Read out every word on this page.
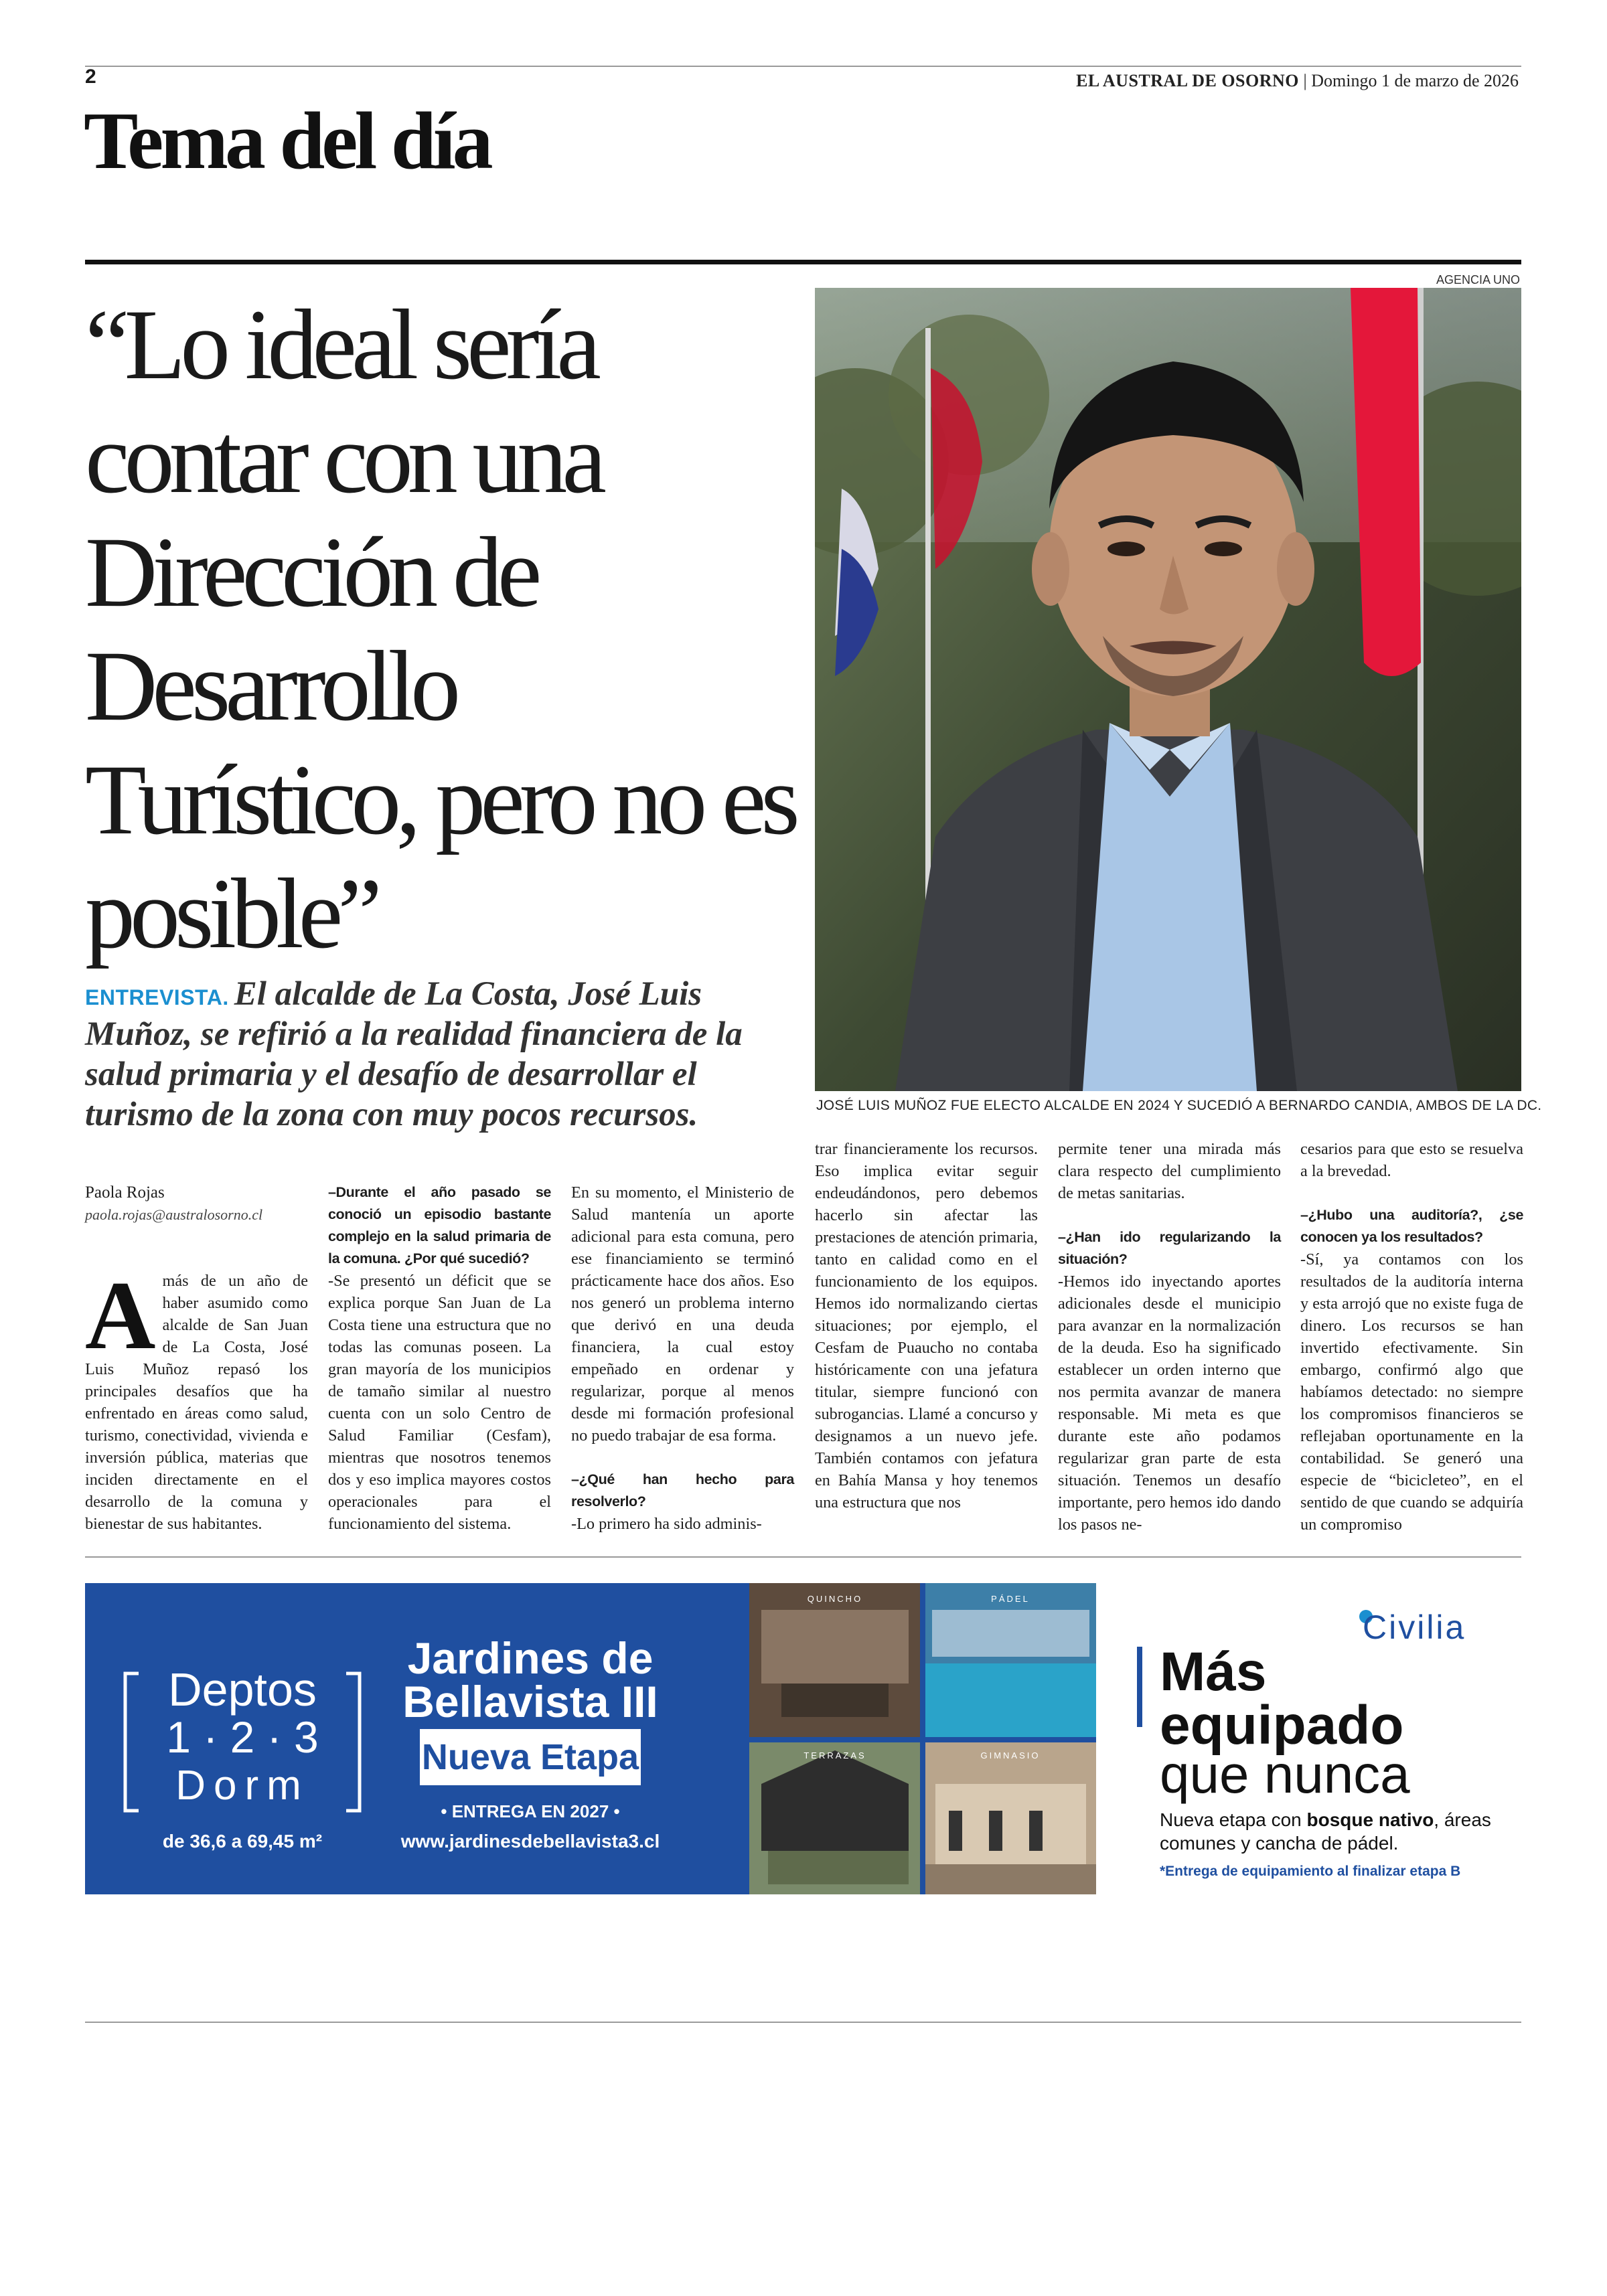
2	EL AUSTRAL DE OSORNO | Domingo 1 de marzo de 2026
Tema del día
“Lo ideal sería contar con una Dirección de Desarrollo Turístico, pero no es posible”
ENTREVISTA. El alcalde de La Costa, José Luis Muñoz, se refirió a la realidad financiera de la salud primaria y el desafío de desarrollar el turismo de la zona con muy pocos recursos.
AGENCIA UNO
JOSÉ LUIS MUÑOZ FUE ELECTO ALCALDE EN 2024 Y SUCEDIÓ A BERNARDO CANDIA, AMBOS DE LA DC.

Paola Rojas

paola.rojas@australosorno.cl

Amás de un año de haber asumido como alcalde de San Juan de La Costa, José Luis Muñoz repasó los principales desafíos que ha enfrentado en áreas como salud, turismo, conectividad, vivienda e inversión pública, materias que inciden directamente en el desarrollo de la comuna y bienestar de sus habitantes.

–Durante el año pasado se conoció un episodio bastante complejo en la salud primaria de la comuna. ¿Por qué sucedió?

-Se presentó un déficit que se explica porque San Juan de La Costa tiene una estructura que no todas las comunas poseen. La gran mayoría de los municipios de tamaño similar al nuestro cuenta con un solo Centro de Salud Familiar (Cesfam), mientras que nosotros tenemos dos y eso implica mayores costos operacionales para el funcionamiento del sistema.

En su momento, el Ministerio de Salud mantenía un aporte adicional para esta comuna, pero ese financiamiento se terminó prácticamente hace dos años. Eso nos generó un problema interno que derivó en una deuda financiera, la cual estoy empeñado en ordenar y regularizar, porque al menos desde mi formación profesional no puedo trabajar de esa forma.

–¿Qué han hecho para resolverlo?

-Lo primero ha sido adminis-

trar financieramente los recursos. Eso implica evitar seguir endeudándonos, pero debemos hacerlo sin afectar las prestaciones de atención primaria, tanto en calidad como en el funcionamiento de los equipos. Hemos ido normalizando ciertas situaciones; por ejemplo, el Cesfam de Puaucho no contaba históricamente con una jefatura titular, siempre funcionó con subrogancias. Llamé a concurso y designamos a un nuevo jefe. También contamos con jefatura en Bahía Mansa y hoy tenemos una estructura que nos

permite tener una mirada más clara respecto del cumplimiento de metas sanitarias.

–¿Han ido regularizando la situación?

-Hemos ido inyectando aportes adicionales desde el municipio para avanzar en la normalización de la deuda. Eso ha significado establecer un orden interno que nos permita avanzar de manera responsable. Mi meta es que durante este año podamos regularizar gran parte de esta situación. Tenemos un desafío importante, pero hemos ido dando los pasos ne-

cesarios para que esto se resuelva a la brevedad.

–¿Hubo una auditoría?, ¿se conocen ya los resultados?

-Sí, ya contamos con los resultados de la auditoría interna y esta arrojó que no existe fuga de dinero. Los recursos se han invertido efectivamente. Sin embargo, confirmó algo que habíamos detectado: no siempre los compromisos financieros se reflejaban oportunamente en la contabilidad. Se generó una especie de “bicicleteo”, en el sentido de que cuando se adquiría un compromiso

Deptos
1 · 2 · 3
Dorm
de 36,6 a 69,45 m²
Jardines de
Bellavista III
Nueva Etapa
• ENTREGA EN 2027 •
www.jardinesdebellavista3.cl
QUINCHO	PÁDEL
TERRAZAS	GIMNASIO
Civilia
Más
equipado
que nunca
Nueva etapa con bosque nativo, áreas
comunes y cancha de pádel.
*Entrega de equipamiento al finalizar etapa B
